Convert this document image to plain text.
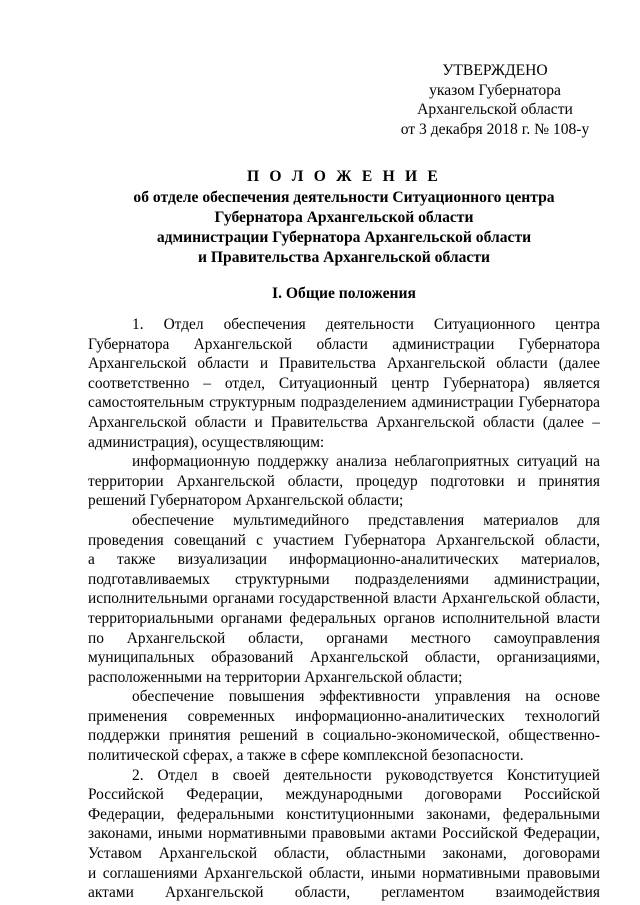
УТВЕРЖДЕНО
указом Губернатора
Архангельской области
от 3 декабря 2018 г. № 108-у
П О Л О Ж Е Н И Е
об отделе обеспечения деятельности Ситуационного центра
Губернатора Архангельской области
администрации Губернатора Архангельской области
и Правительства Архангельской области
I. Общие положения
1. Отдел обеспечения деятельности Ситуационного центра
Губернатора Архангельской области администрации Губернатора
Архангельской области и Правительства Архангельской области (далее
соответственно – отдел, Ситуационный центр Губернатора) является
самостоятельным структурным подразделением администрации Губернатора
Архангельской области и Правительства Архангельской области (далее –
администрация), осуществляющим:
информационную поддержку анализа неблагоприятных ситуаций на
территории Архангельской области, процедур подготовки и принятия
решений Губернатором Архангельской области;
обеспечение мультимедийного представления материалов для
проведения совещаний с участием Губернатора Архангельской области,
а также визуализации информационно-аналитических материалов,
подготавливаемых структурными подразделениями администрации,
исполнительными органами государственной власти Архангельской области,
территориальными органами федеральных органов исполнительной власти
по Архангельской области, органами местного самоуправления
муниципальных образований Архангельской области, организациями,
расположенными на территории Архангельской области;
обеспечение повышения эффективности управления на основе
применения современных информационно-аналитических технологий
поддержки принятия решений в социально-экономической, общественно-
политической сферах, а также в сфере комплексной безопасности.
2. Отдел в своей деятельности руководствуется Конституцией
Российской Федерации, международными договорами Российской
Федерации, федеральными конституционными законами, федеральными
законами, иными нормативными правовыми актами Российской Федерации,
Уставом Архангельской области, областными законами, договорами
и соглашениями Архангельской области, иными нормативными правовыми
актами Архангельской области, регламентом взаимодействия
